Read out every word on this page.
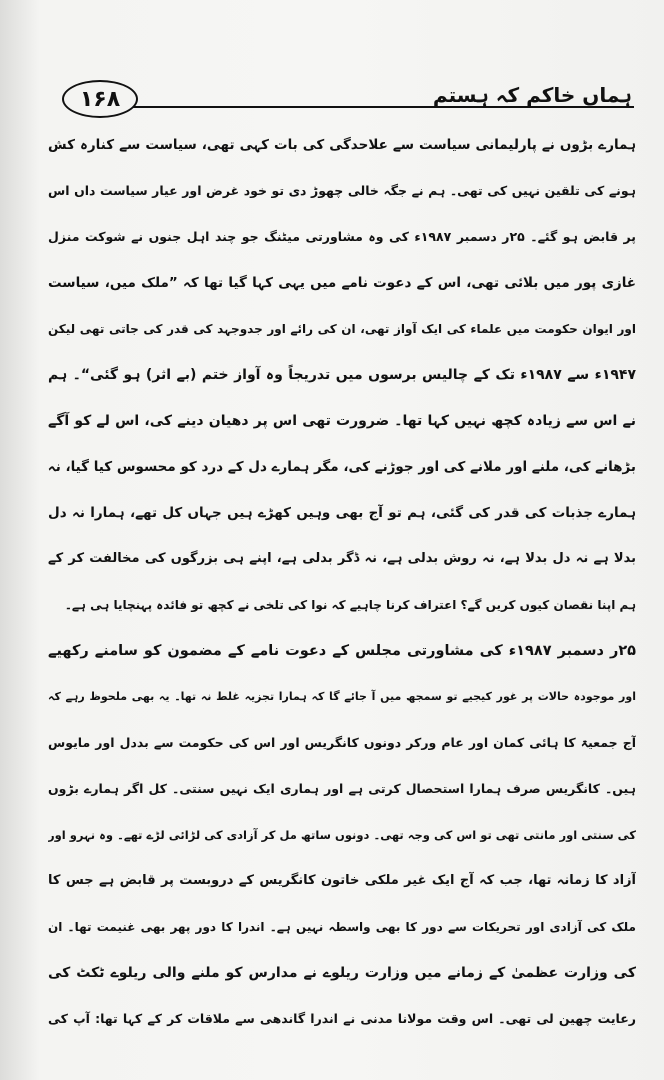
۱۶۸	ہماں خاکم کہ ہستم
ہمارے بڑوں نے پارلیمانی سیاست سے علاحدگی کی بات کہی تھی، سیاست سے کنارہ کش
ہونے کی تلقین نہیں کی تھی۔ ہم نے جگہ خالی چھوڑ دی تو خود غرض اور عیار سیاست داں اس
پر قابض ہو گئے۔ ۲۵ر دسمبر ۱۹۸۷ء کی وہ مشاورتی میٹنگ جو چند اہل جنوں نے شوکت منزل
غازی پور میں بلائی تھی، اس کے دعوت نامے میں یہی کہا گیا تھا کہ ”ملک میں، سیاست
اور ایوان حکومت میں علماء کی ایک آواز تھی، ان کی رائے اور جدوجہد کی قدر کی جاتی تھی لیکن
۱۹۴۷ء سے ۱۹۸۷ء تک کے چالیس برسوں میں تدریجاً وہ آواز ختم (بے اثر) ہو گئی“۔ ہم
نے اس سے زیادہ کچھ نہیں کہا تھا۔ ضرورت تھی اس پر دھیان دینے کی، اس لے کو آگے
بڑھانے کی، ملنے اور ملانے کی اور جوڑنے کی، مگر ہمارے دل کے درد کو محسوس کیا گیا، نہ
ہمارے جذبات کی قدر کی گئی، ہم تو آج بھی وہیں کھڑے ہیں جہاں کل تھے، ہمارا نہ دل
بدلا ہے نہ دل بدلا ہے، نہ روش بدلی ہے، نہ ڈگر بدلی ہے، اپنے ہی بزرگوں کی مخالفت کر کے
ہم اپنا نقصان کیوں کریں گے؟ اعتراف کرنا چاہیے کہ نوا کی تلخی نے کچھ تو فائدہ پہنچایا ہی ہے۔
۲۵ر دسمبر ۱۹۸۷ء کی مشاورتی مجلس کے دعوت نامے کے مضمون کو سامنے رکھیے
اور موجودہ حالات پر غور کیجیے تو سمجھ میں آ جائے گا کہ ہمارا تجزیہ غلط نہ تھا۔ یہ بھی ملحوظ رہے کہ
آج جمعیۃ کا ہائی کمان اور عام ورکر دونوں کانگریس اور اس کی حکومت سے بددل اور مایوس
ہیں۔ کانگریس صرف ہمارا استحصال کرتی ہے اور ہماری ایک نہیں سنتی۔ کل اگر ہمارے بڑوں
کی سنتی اور مانتی تھی تو اس کی وجہ تھی۔ دونوں ساتھ مل کر آزادی کی لڑائی لڑے تھے۔ وہ نہرو اور
آزاد کا زمانہ تھا، جب کہ آج ایک غیر ملکی خاتون کانگریس کے دروبست پر قابض ہے جس کا
ملک کی آزادی اور تحریکات سے دور کا بھی واسطہ نہیں ہے۔ اندرا کا دور پھر بھی غنیمت تھا۔ ان
کی وزارت عظمیٰ کے زمانے میں وزارت ریلوے نے مدارس کو ملنے والی ریلوے ٹکٹ کی
رعایت چھین لی تھی۔ اس وقت مولانا مدنی نے اندرا گاندھی سے ملاقات کر کے کہا تھا: آپ کی
